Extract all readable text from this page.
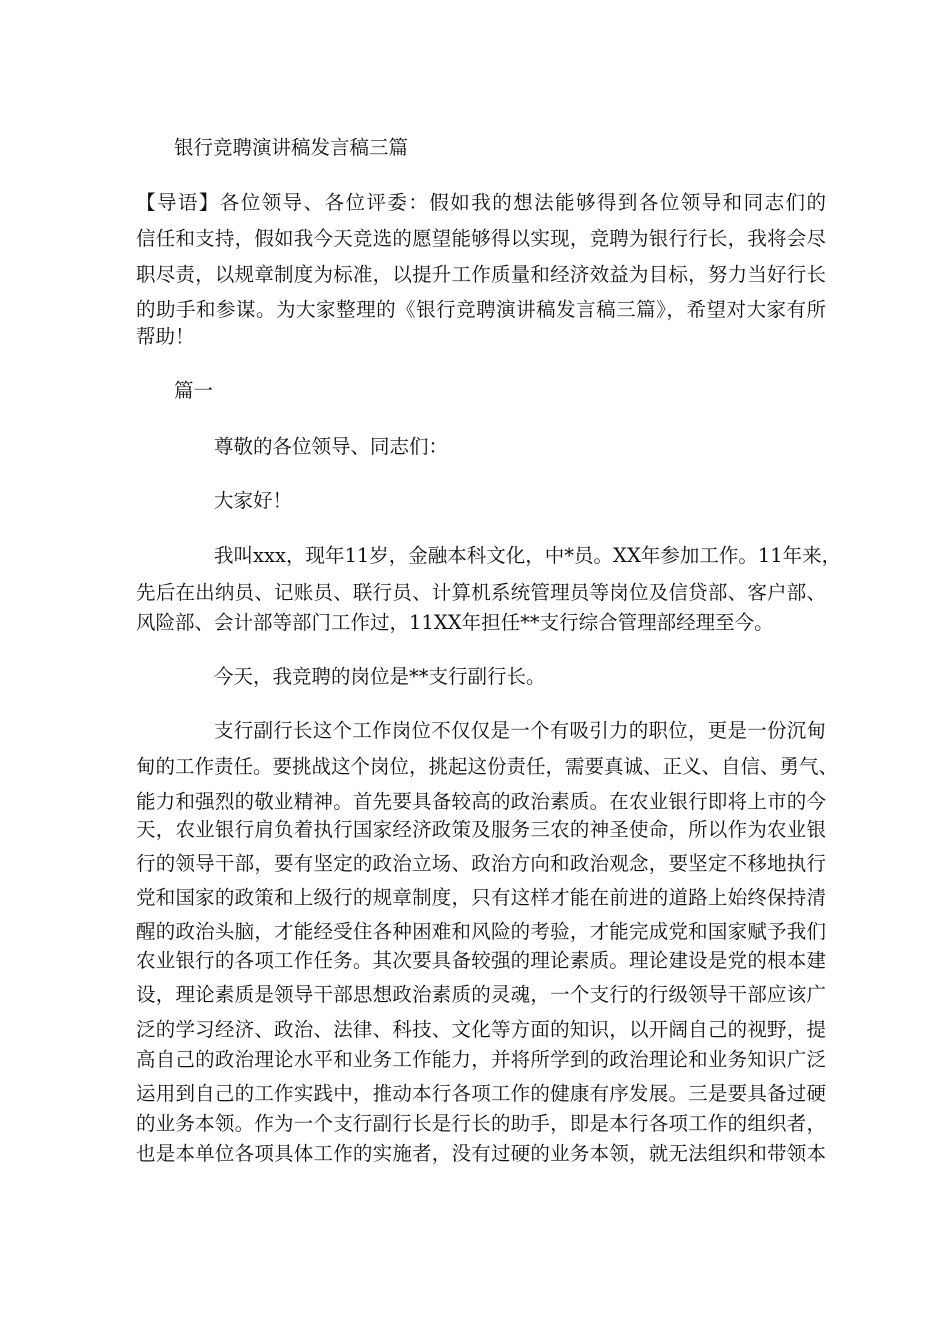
银行竞聘演讲稿发言稿三篇
【导语】各位领导、各位评委：假如我的想法能够得到各位领导和同志们的
信任和支持，假如我今天竞选的愿望能够得以实现，竞聘为银行行长，我将会尽
职尽责，以规章制度为标准，以提升工作质量和经济效益为目标，努力当好行长
的助手和参谋。为大家整理的《银行竞聘演讲稿发言稿三篇》，希望对大家有所
帮助！
篇一
尊敬的各位领导、同志们：
大家好！
我叫xxx，现年11岁，金融本科文化，中*员。XX年参加工作。11年来，
先后在出纳员、记账员、联行员、计算机系统管理员等岗位及信贷部、客户部、
风险部、会计部等部门工作过，11XX年担任**支行综合管理部经理至今。
今天，我竞聘的岗位是**支行副行长。
支行副行长这个工作岗位不仅仅是一个有吸引力的职位，更是一份沉甸
甸的工作责任。要挑战这个岗位，挑起这份责任，需要真诚、正义、自信、勇气、
能力和强烈的敬业精神。首先要具备较高的政治素质。在农业银行即将上市的今
天，农业银行肩负着执行国家经济政策及服务三农的神圣使命，所以作为农业银
行的领导干部，要有坚定的政治立场、政治方向和政治观念，要坚定不移地执行
党和国家的政策和上级行的规章制度，只有这样才能在前进的道路上始终保持清
醒的政治头脑，才能经受住各种困难和风险的考验，才能完成党和国家赋予我们
农业银行的各项工作任务。其次要具备较强的理论素质。理论建设是党的根本建
设，理论素质是领导干部思想政治素质的灵魂，一个支行的行级领导干部应该广
泛的学习经济、政治、法律、科技、文化等方面的知识，以开阔自己的视野，提
高自己的政治理论水平和业务工作能力，并将所学到的政治理论和业务知识广泛
运用到自己的工作实践中，推动本行各项工作的健康有序发展。三是要具备过硬
的业务本领。作为一个支行副行长是行长的助手，即是本行各项工作的组织者，
也是本单位各项具体工作的实施者，没有过硬的业务本领，就无法组织和带领本
